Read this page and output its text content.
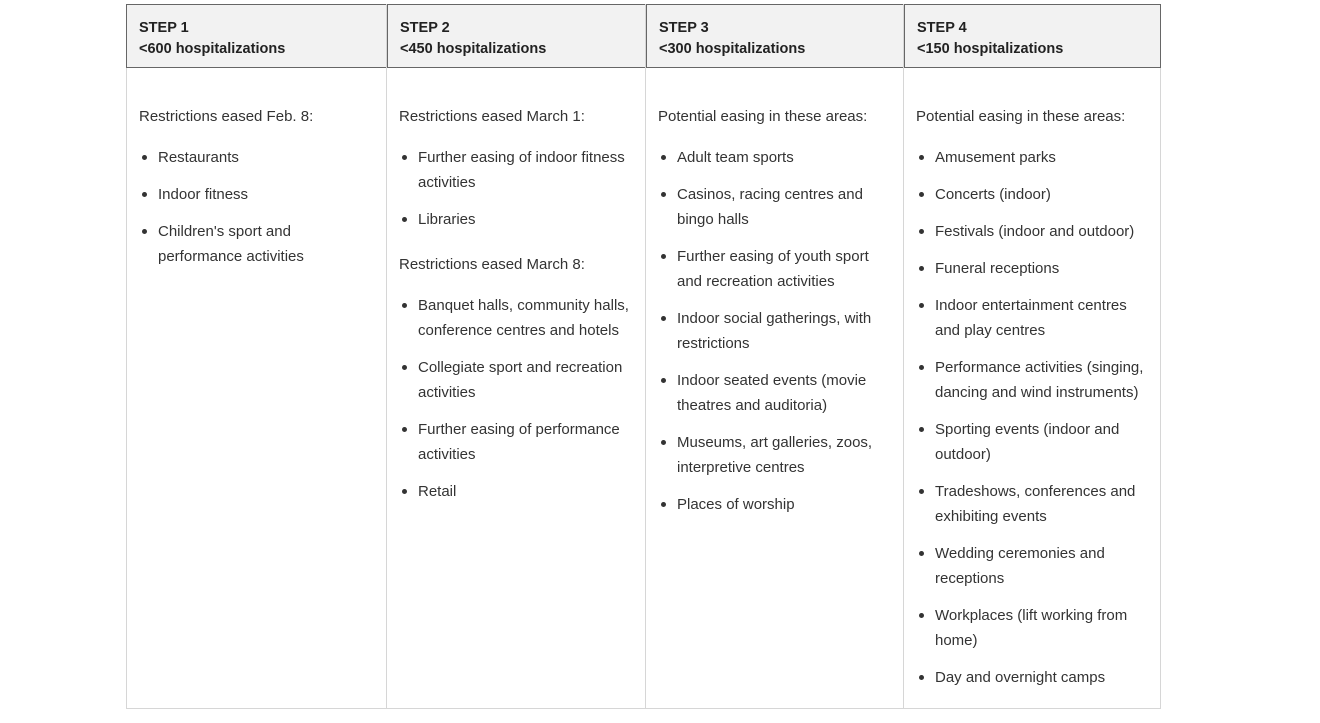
STEP 1
<600 hospitalizations

Restrictions eased Feb. 8:

Restaurants
Indoor fitness
Children's sport and performance activities
STEP 2
<450 hospitalizations

Restrictions eased March 1:

Further easing of indoor fitness activities
Libraries

Restrictions eased March 8:

Banquet halls, community halls, conference centres and hotels
Collegiate sport and recreation activities
Further easing of performance activities
Retail
STEP 3
<300 hospitalizations

Potential easing in these areas:

Adult team sports
Casinos, racing centres and bingo halls
Further easing of youth sport and recreation activities
Indoor social gatherings, with restrictions
Indoor seated events (movie theatres and auditoria)
Museums, art galleries, zoos, interpretive centres
Places of worship
STEP 4
<150 hospitalizations

Potential easing in these areas:

Amusement parks
Concerts (indoor)
Festivals (indoor and outdoor)
Funeral receptions
Indoor entertainment centres and play centres
Performance activities (singing, dancing and wind instruments)
Sporting events (indoor and outdoor)
Tradeshows, conferences and exhibiting events
Wedding ceremonies and receptions
Workplaces (lift working from home)
Day and overnight camps
